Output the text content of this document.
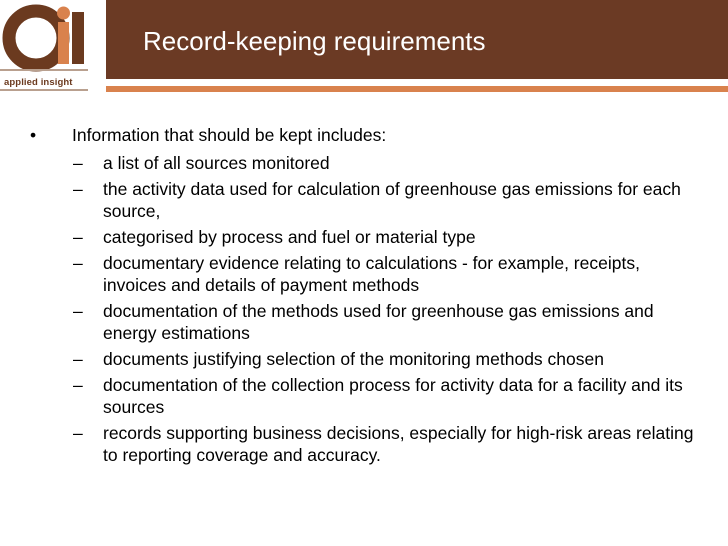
applied insight
Record-keeping requirements
• Information that should be kept includes:
– a list of all sources monitored
– the activity data used for calculation of greenhouse gas emissions for each source,
– categorised by process and fuel or material type
– documentary evidence relating to calculations - for example, receipts, invoices and details of payment methods
– documentation of the methods used for greenhouse gas emissions and energy estimations
– documents justifying selection of the monitoring methods chosen
– documentation of the collection process for activity data for a facility and its sources
– records supporting business decisions, especially for high-risk areas relating to reporting coverage and accuracy.
